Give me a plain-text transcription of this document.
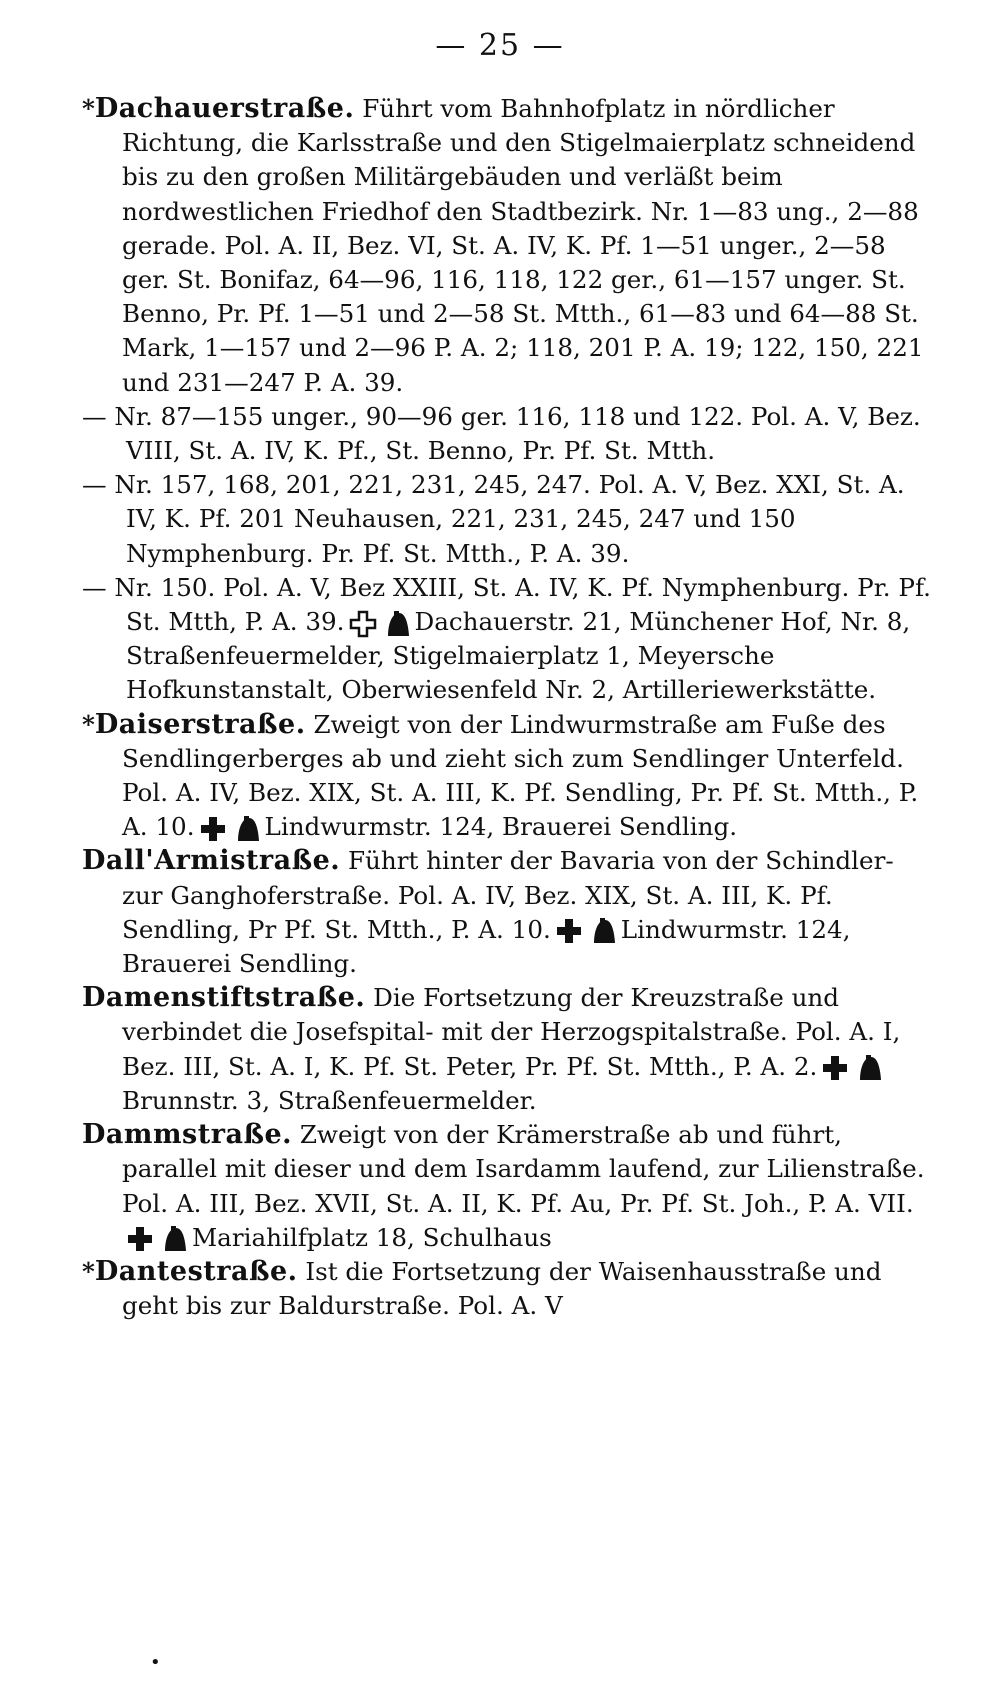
— 25 —

*Dachauerstraße. Führt vom Bahnhofplatz in nördlicher Richtung, die Karlsstraße und den Stigelmaierplatz schneidend bis zu den großen Militärgebäuden und verläßt beim nordwestlichen Friedhof den Stadtbezirk. Nr. 1—83 ung., 2—88 gerade. Pol. A. II, Bez. VI, St. A. IV, K. Pf. 1—51 unger., 2—58 ger. St. Bonifaz, 64—96, 116, 118, 122 ger., 61—157 unger. St. Benno, Pr. Pf. 1—51 und 2—58 St. Mtth., 61—83 und 64—88 St. Mark, 1—157 und 2—96 P. A. 2; 118, 201 P. A. 19; 122, 150, 221 und 231—247 P. A. 39.

— Nr. 87—155 unger., 90—96 ger. 116, 118 und 122. Pol. A. V, Bez. VIII, St. A. IV, K. Pf., St. Benno, Pr. Pf. St. Mtth.

— Nr. 157, 168, 201, 221, 231, 245, 247. Pol. A. V, Bez. XXI, St. A. IV, K. Pf. 201 Neuhausen, 221, 231, 245, 247 und 150 Nymphenburg. Pr. Pf. St. Mtth., P. A. 39.

— Nr. 150. Pol. A. V, Bez XXIII, St. A. IV, K. Pf. Nymphenburg. Pr. Pf. St. Mtth, P. A. 39.	Dachauerstr. 21, Münchener Hof, Nr. 8, Straßenfeuermelder, Stigelmaierplatz 1, Meyersche Hofkunstanstalt, Oberwiesenfeld Nr. 2, Artilleriewerkstätte.

*Daiserstraße. Zweigt von der Lindwurmstraße am Fuße des Sendlingerberges ab und zieht sich zum Sendlinger Unterfeld. Pol. A. IV, Bez. XIX, St. A. III, K. Pf. Sendling, Pr. Pf. St. Mtth., P. A. 10.	Lindwurmstr. 124, Brauerei Sendling.

Dall'Armistraße. Führt hinter der Bavaria von der Schindler- zur Ganghoferstraße. Pol. A. IV, Bez. XIX, St. A. III, K. Pf. Sendling, Pr Pf. St. Mtth., P. A. 10.	Lindwurmstr. 124, Brauerei Sendling.

Damenstiftstraße. Die Fortsetzung der Kreuzstraße und verbindet die Josefspital- mit der Herzogspitalstraße. Pol. A. I, Bez. III, St. A. I, K. Pf. St. Peter, Pr. Pf. St. Mtth., P. A. 2.
Brunnstr. 3, Straßenfeuermelder.

Dammstraße. Zweigt von der Krämerstraße ab und führt, parallel mit dieser und dem Isardamm laufend, zur Lilienstraße. Pol. A. III, Bez. XVII, St. A. II, K. Pf. Au, Pr. Pf. St. Joh., P. A. VII.
Mariahilfplatz 18, Schulhaus

*Dantestraße. Ist die Fortsetzung der Waisenhausstraße und geht bis zur Baldurstraße. Pol. A. V

•
